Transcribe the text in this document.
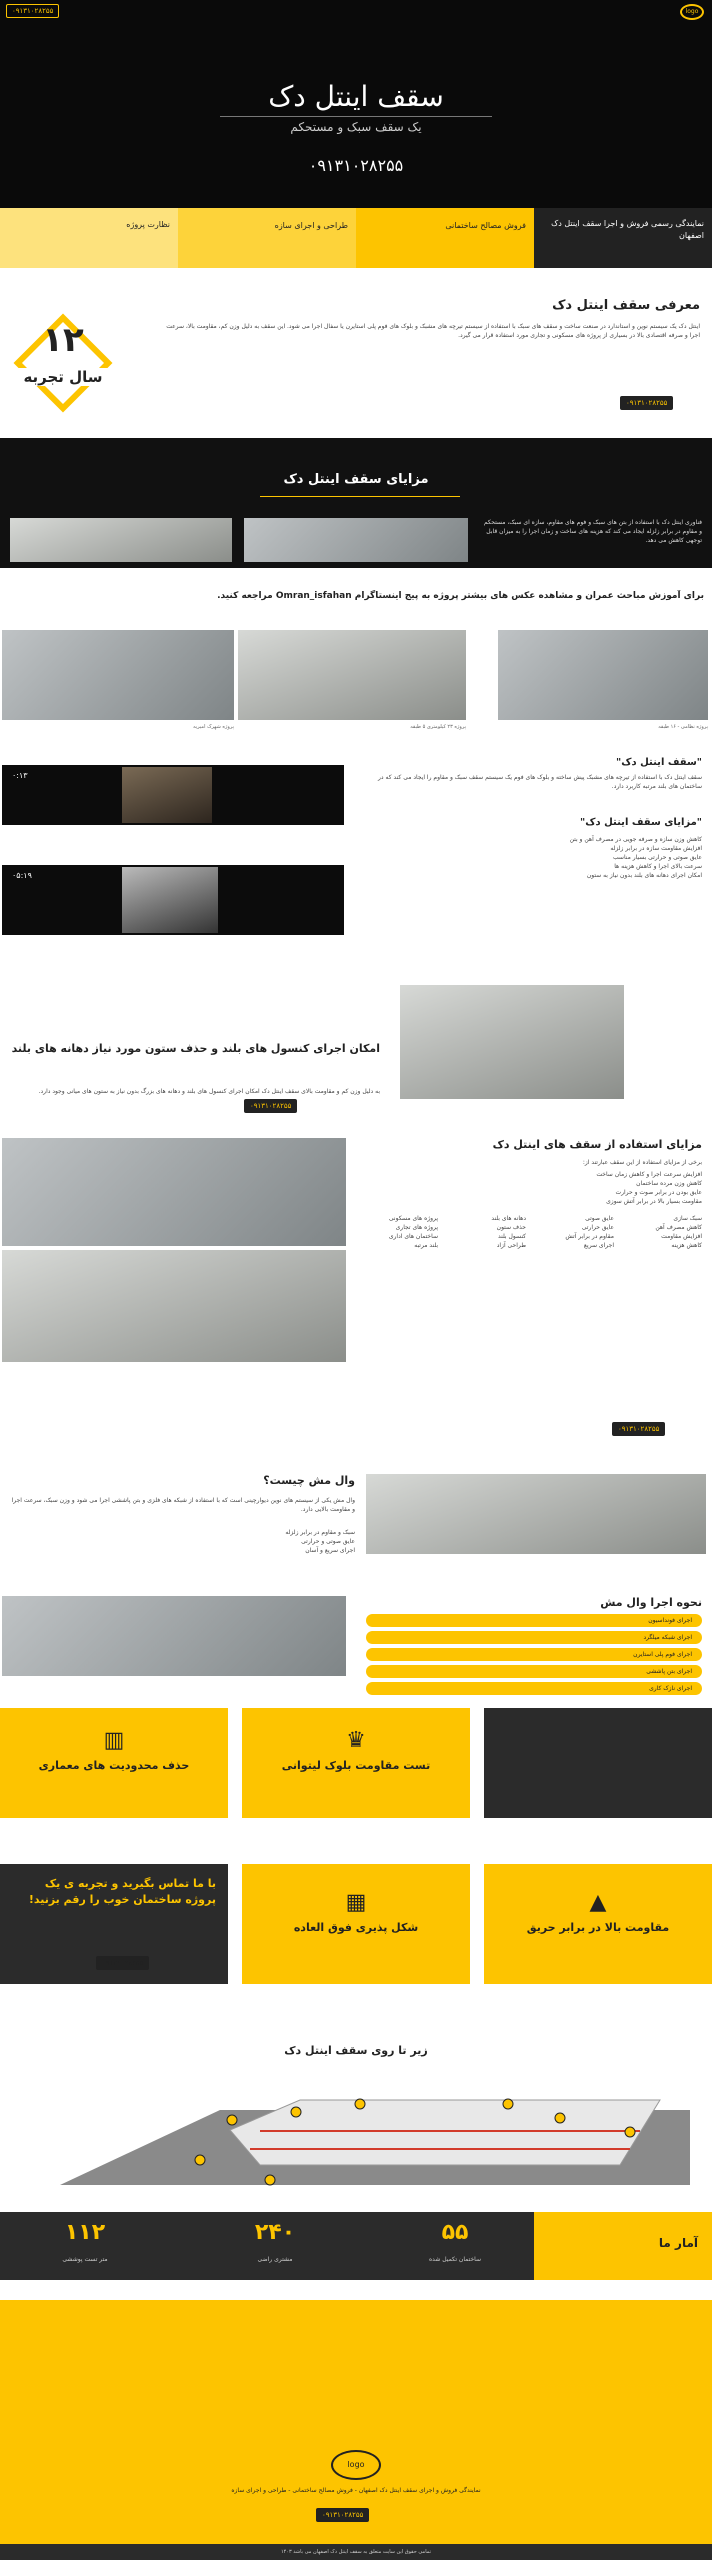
۰۹۱۳۱۰۲۸۲۵۵	logo
سقف اینتل دک
یک سقف سبک و مستحکم
۰۹۱۳۱۰۲۸۲۵۵
نمایندگی رسمی فروش و اجرا سقف اینتل دک اصفهان
فروش مصالح ساختمانی
طراحی و اجرای سازه
نظارت پروژه
معرفی سقف اینتل دک
اینتل دک یک سیستم نوین و استاندارد در صنعت ساخت و سقف های سبک با استفاده از سیستم تیرچه های مشبک و بلوک های فوم پلی استایرن یا سفال اجرا می شود. این سقف به دلیل وزن کم، مقاومت بالا، سرعت اجرا و صرفه اقتصادی بالا در بسیاری از پروژه های مسکونی و تجاری مورد استفاده قرار می گیرد.
۱۲
سال تجربه
۰۹۱۳۱۰۲۸۲۵۵
مزایای سقف اینتل دک
فناوری اینتل دک با استفاده از بتن های سبک و فوم های مقاوم، سازه ای سبک، مستحکم و مقاوم در برابر زلزله ایجاد می کند که هزینه های ساخت و زمان اجرا را به میزان قابل توجهی کاهش می دهد.
برای آموزش مباحث عمران و مشاهده عکس های بیشتر پروژه به پیج اینستاگرام Omran_isfahan مراجعه کنید.
پروژه شهرک امیریه	پروژه ۲۳ کیلومتری ۵ طبقه	پروژه نظامی - ۱۶ طبقه
۰:۱۳
۰۵:۱۹
"سقف اینتل دک"
سقف اینتل دک با استفاده از تیرچه های مشبک پیش ساخته و بلوک های فوم یک سیستم سقف سبک و مقاوم را ایجاد می کند که در ساختمان های بلند مرتبه کاربرد دارد.
"مزایای سقف اینتل دک"
کاهش وزن سازه و صرفه جویی در مصرف آهن و بتن
افزایش مقاومت سازه در برابر زلزله
عایق صوتی و حرارتی بسیار مناسب
سرعت بالای اجرا و کاهش هزینه ها
امکان اجرای دهانه های بلند بدون نیاز به ستون
امکان اجرای کنسول های بلند و حذف ستون مورد نیاز دهانه های بلند
به دلیل وزن کم و مقاومت بالای سقف اینتل دک امکان اجرای کنسول های بلند و دهانه های بزرگ بدون نیاز به ستون های میانی وجود دارد.
۰۹۱۳۱۰۲۸۲۵۵
مزایای استفاده از سقف های اینتل دک
برخی از مزایای استفاده از این سقف عبارتند از:
افزایش سرعت اجرا و کاهش زمان ساخت
کاهش وزن مرده ساختمان
عایق بودن در برابر صوت و حرارت
مقاومت بسیار بالا در برابر آتش سوزی
سبک سازی
کاهش مصرف آهن
افزایش مقاومت
کاهش هزینه
عایق صوتی
عایق حرارتی
مقاوم در برابر آتش
اجرای سریع
دهانه های بلند
حذف ستون
کنسول بلند
طراحی آزاد
پروژه های مسکونی
پروژه های تجاری
ساختمان های اداری
بلند مرتبه
۰۹۱۳۱۰۲۸۲۵۵
وال مش چیست؟
وال مش یکی از سیستم های نوین دیوارچینی است که با استفاده از شبکه های فلزی و بتن پاششی اجرا می شود و وزن سبک، سرعت اجرا و مقاومت بالایی دارد.
سبک و مقاوم در برابر زلزله
عایق صوتی و حرارتی
اجرای سریع و آسان
نحوه اجرا وال مش
اجرای فونداسیون
اجرای شبکه میلگرد
اجرای فوم پلی استایرن
اجرای بتن پاششی
اجرای نازک کاری
▥
حذف محدودیت های معماری
♛
تست مقاومت بلوک لیتوانی
با ما تماس بگیرید و تجربه ی یک پروژه ساختمان خوب را رقم بزنید!
۰۹۱۳۱۰۲۸۲۵۵
▦
شکل پذیری فوق العاده
▲
مقاومت بالا در برابر حریق
زیر تا روی سقف اینتل دک
آمار ما
۵۵
ساختمان تکمیل شده
۲۴۰
مشتری راضی
۱۱۲
متر تست پوششی
logo
نمایندگی فروش و اجرای سقف اینتل دک اصفهان - فروش مصالح ساختمانی - طراحی و اجرای سازه
۰۹۱۳۱۰۲۸۲۵۵
تمامی حقوق این سایت متعلق به سقف اینتل دک اصفهان می باشد ۱۴۰۳
